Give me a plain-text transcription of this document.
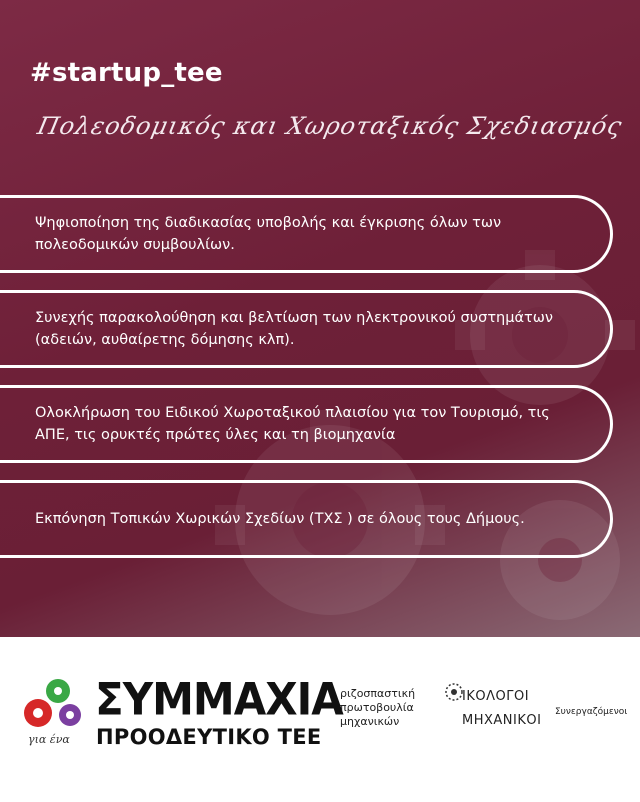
#startup_tee
Πολεοδομικός και Χωροταξικός Σχεδιασμός
Ψηφιοποίηση της διαδικασίας υποβολής και έγκρισης όλων των πολεοδομικών συμβουλίων.
Συνεχής παρακολούθηση και βελτίωση των ηλεκτρονικού συστημάτων (αδειών, αυθαίρετης δόμησης κλπ).
Ολοκλήρωση του Ειδικού Χωροταξικού πλαισίου για τον Τουρισμό, τις ΑΠΕ, τις ορυκτές πρώτες ύλες και τη βιομηχανία
Εκπόνηση Τοπικών Χωρικών Σχεδίων (ΤΧΣ ) σε όλους τους Δήμους.
για ένα
ΣΥΜΜΑΧΙΑ
ΠΡΟΟΔΕΥΤΙΚΟ ΤΕΕ
ριζοσπαστική
πρωτοβουλία
μηχανικών
ΙΚΟΛΟΓΟΙ
ΜΗΧΑΝΙΚΟΙ
Συνεργαζόμενοι
